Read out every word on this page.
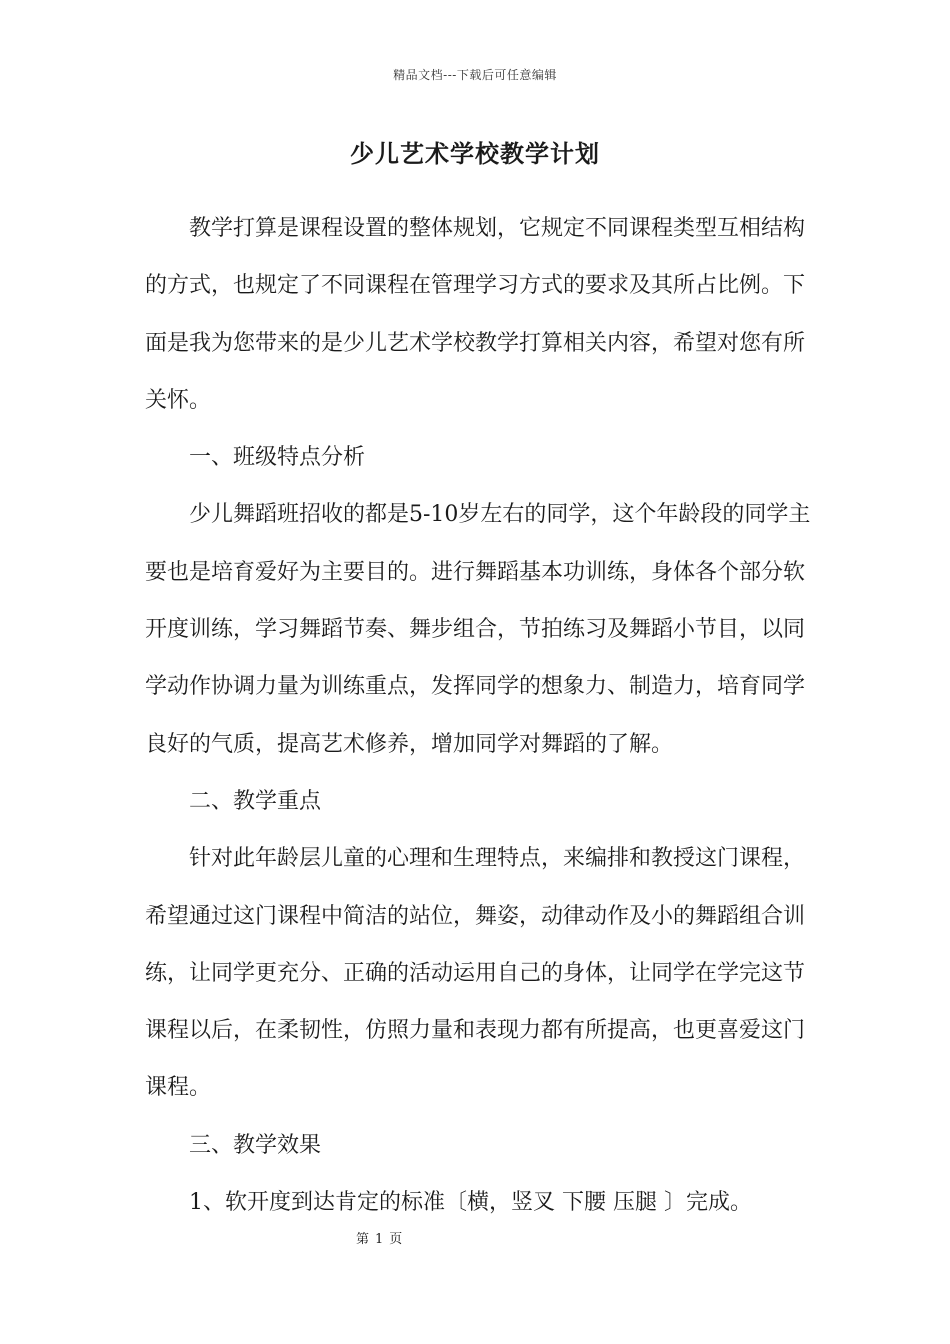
精品文档---下载后可任意编辑
少儿艺术学校教学计划

教学打算是课程设置的整体规划，它规定不同课程类型互相结构的方式，也规定了不同课程在管理学习方式的要求及其所占比例。下面是我为您带来的是少儿艺术学校教学打算相关内容，希望对您有所关怀。

一、班级特点分析

少儿舞蹈班招收的都是5-10岁左右的同学，这个年龄段的同学主要也是培育爱好为主要目的。进行舞蹈基本功训练，身体各个部分软开度训练，学习舞蹈节奏、舞步组合，节拍练习及舞蹈小节目，以同学动作协调力量为训练重点，发挥同学的想象力、制造力，培育同学良好的气质，提高艺术修养，增加同学对舞蹈的了解。

二、教学重点

针对此年龄层儿童的心理和生理特点，来编排和教授这门课程，希望通过这门课程中简洁的站位，舞姿，动律动作及小的舞蹈组合训练，让同学更充分、正确的活动运用自己的身体，让同学在学完这节课程以后，在柔韧性，仿照力量和表现力都有所提高，也更喜爱这门课程。

三、教学效果

1、软开度到达肯定的标准〔横，竖叉 下腰 压腿 〕完成。

第 1 页
